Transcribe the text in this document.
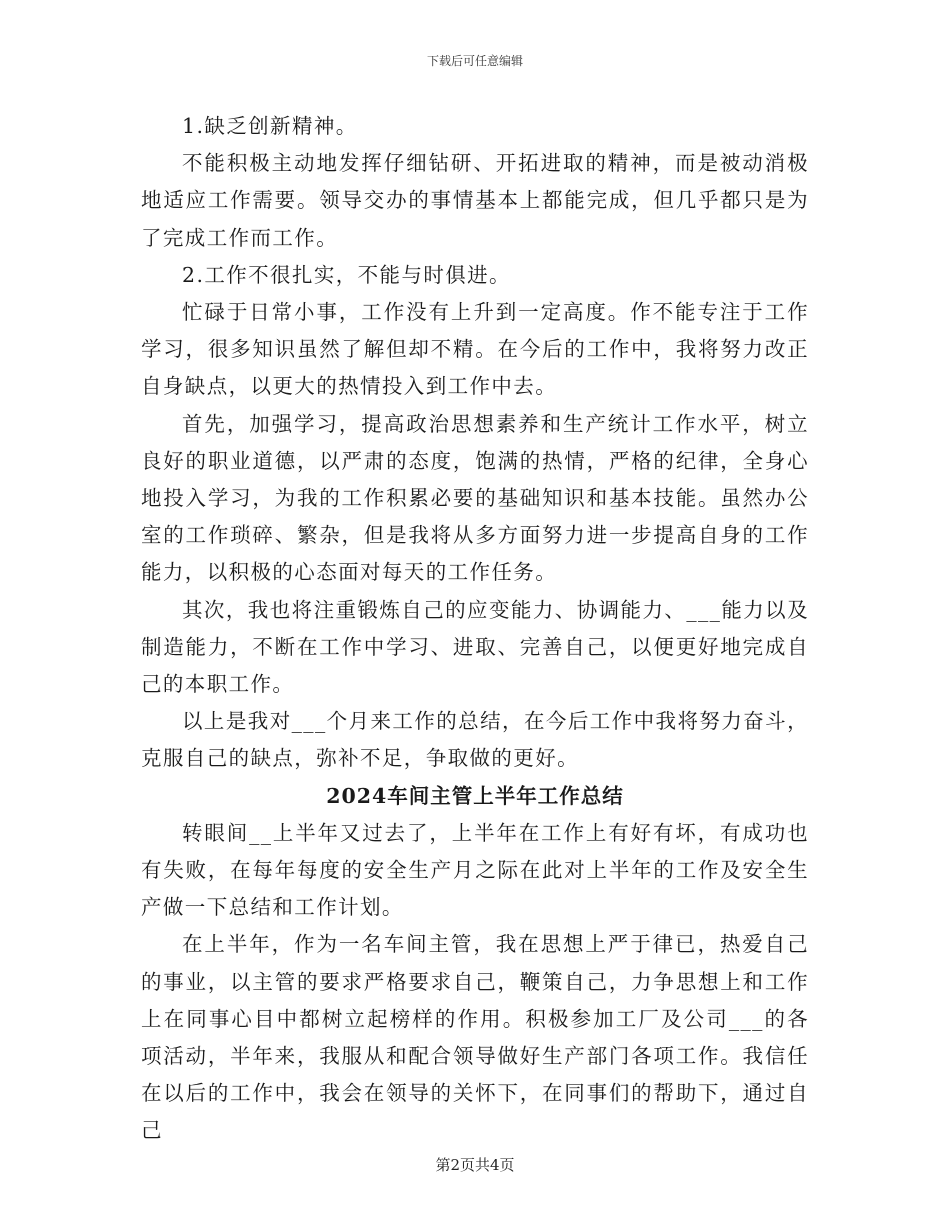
下载后可任意编辑

1.缺乏创新精神。

不能积极主动地发挥仔细钻研、开拓进取的精神，而是被动消极地适应工作需要。领导交办的事情基本上都能完成，但几乎都只是为了完成工作而工作。

2.工作不很扎实，不能与时俱进。

忙碌于日常小事，工作没有上升到一定高度。作不能专注于工作学习，很多知识虽然了解但却不精。在今后的工作中，我将努力改正自身缺点，以更大的热情投入到工作中去。

首先，加强学习，提高政治思想素养和生产统计工作水平，树立良好的职业道德，以严肃的态度，饱满的热情，严格的纪律，全身心地投入学习，为我的工作积累必要的基础知识和基本技能。虽然办公室的工作琐碎、繁杂，但是我将从多方面努力进一步提高自身的工作能力，以积极的心态面对每天的工作任务。

其次，我也将注重锻炼自己的应变能力、协调能力、___能力以及制造能力，不断在工作中学习、进取、完善自己，以便更好地完成自己的本职工作。

以上是我对___个月来工作的总结，在今后工作中我将努力奋斗，克服自己的缺点，弥补不足，争取做的更好。

2024车间主管上半年工作总结

转眼间__上半年又过去了，上半年在工作上有好有坏，有成功也有失败，在每年每度的安全生产月之际在此对上半年的工作及安全生产做一下总结和工作计划。

在上半年，作为一名车间主管，我在思想上严于律已，热爱自己的事业，以主管的要求严格要求自己，鞭策自己，力争思想上和工作上在同事心目中都树立起榜样的作用。积极参加工厂及公司___的各项活动，半年来，我服从和配合领导做好生产部门各项工作。我信任在以后的工作中，我会在领导的关怀下，在同事们的帮助下，通过自己

第2页共4页
